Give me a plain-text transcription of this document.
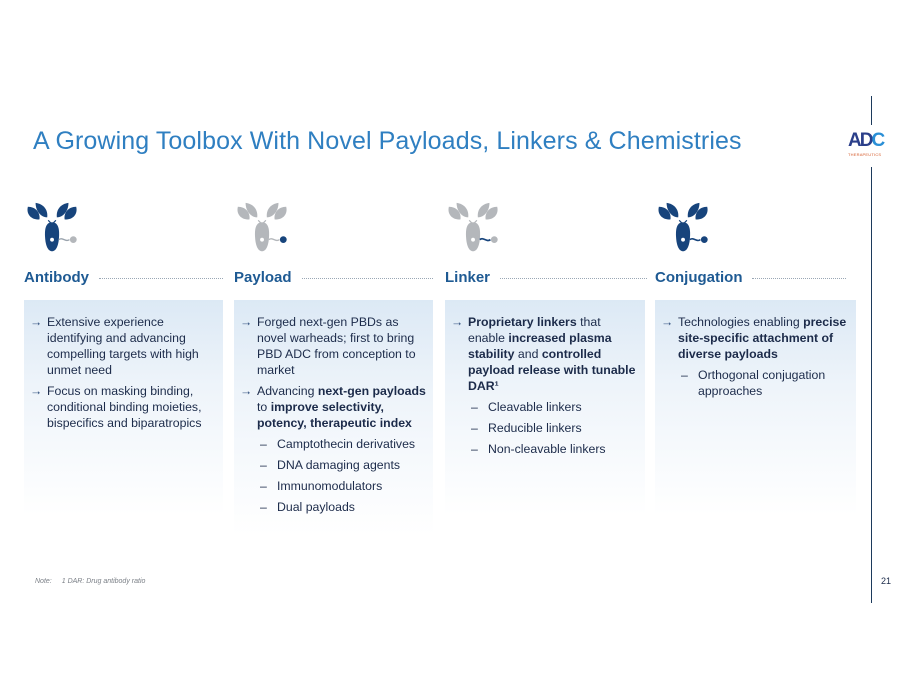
A Growing Toolbox With Novel Payloads, Linkers & Chemistries	ADC
THERAPEUTICS
Antibody
→ Extensive experience identifying and advancing compelling targets with high unmet need
→ Focus on masking binding, conditional binding moieties, bispecifics and biparatropics
Payload
→ Forged next-gen PBDs as novel warheads; first to bring PBD ADC from conception to market
→ Advancing next-gen payloads to improve selectivity, potency, therapeutic index
– Camptothecin derivatives
– DNA damaging agents
– Immunomodulators
– Dual payloads
Linker
→ Proprietary linkers that enable increased plasma stability and controlled payload release with tunable DAR¹
– Cleavable linkers
– Reducible linkers
– Non-cleavable linkers
Conjugation
→ Technologies enabling precise site-specific attachment of diverse payloads
– Orthogonal conjugation approaches
Note: 1 DAR: Drug antibody ratio	21
